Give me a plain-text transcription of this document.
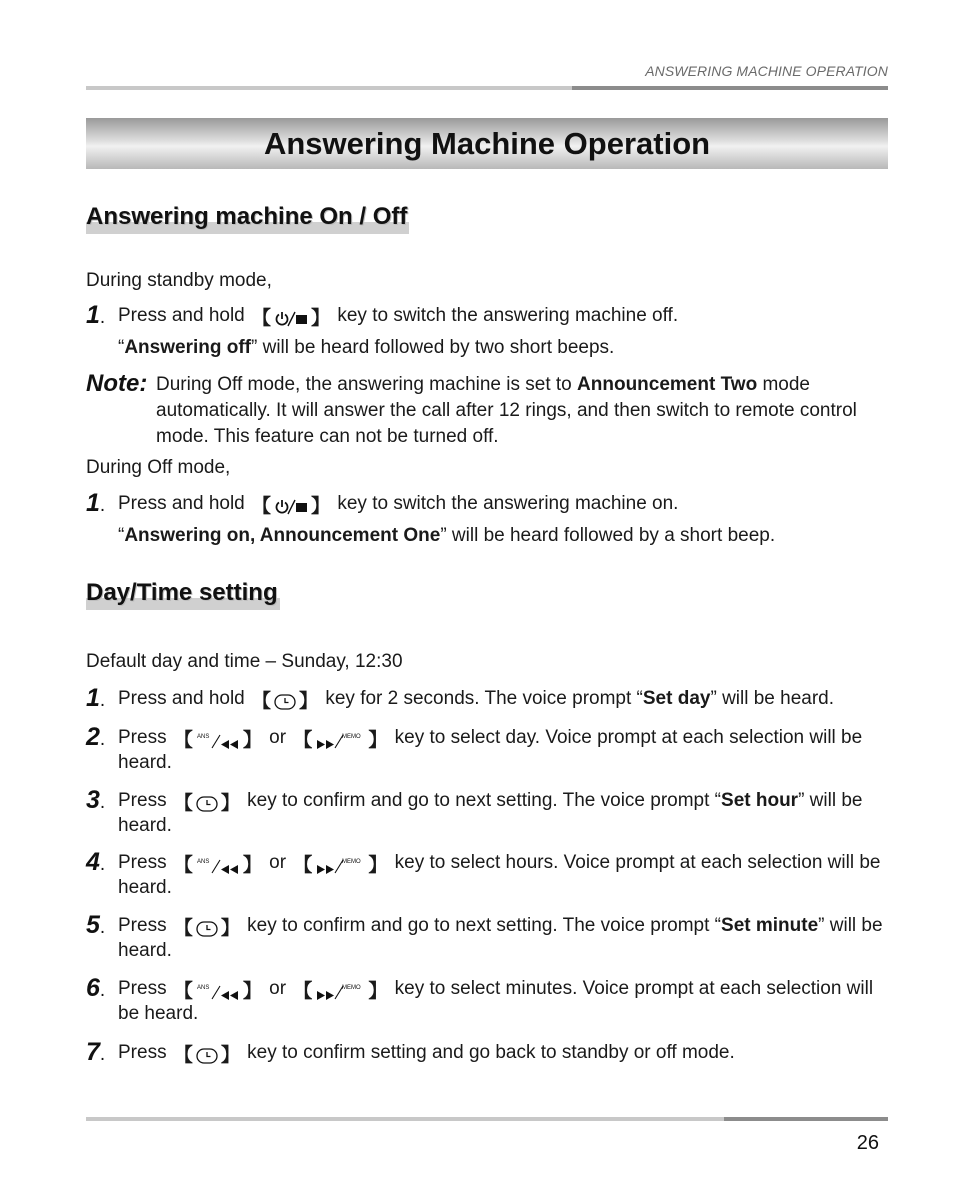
ANSWERING MACHINE OPERATION
Answering Machine Operation
Answering machine On / Off
During standby mode,
1. Press and hold 【 】 key to switch the answering machine off.
“Answering off” will be heard followed by two short beeps.
Note: During Off mode, the answering machine is set to Announcement Two mode automatically. It will answer the call after 12 rings, and then switch to remote control mode. This feature can not be turned off.
During Off mode,
1. Press and hold 【 】 key to switch the answering machine on.
“Answering on, Announcement One” will be heard followed by a short beep.
Day/Time setting
Default day and time – Sunday, 12:30
1. Press and hold 【 】 key for 2 seconds. The voice prompt “Set day” will be heard.
2. Press 【 ANS 】 or 【	MEMO 】 key to select day. Voice prompt at each selection will be heard.
3. Press 【 】 key to confirm and go to next setting. The voice prompt “Set hour” will be heard.
4. Press 【 ANS 】 or 【	MEMO 】 key to select hours. Voice prompt at each selection will be heard.
5. Press 【 】 key to confirm and go to next setting. The voice prompt “Set minute” will be heard.
6. Press 【 ANS 】 or 【	MEMO 】 key to select minutes. Voice prompt at each selection will be heard.
7. Press 【 】 key to confirm setting and go back to standby or off mode.
26
